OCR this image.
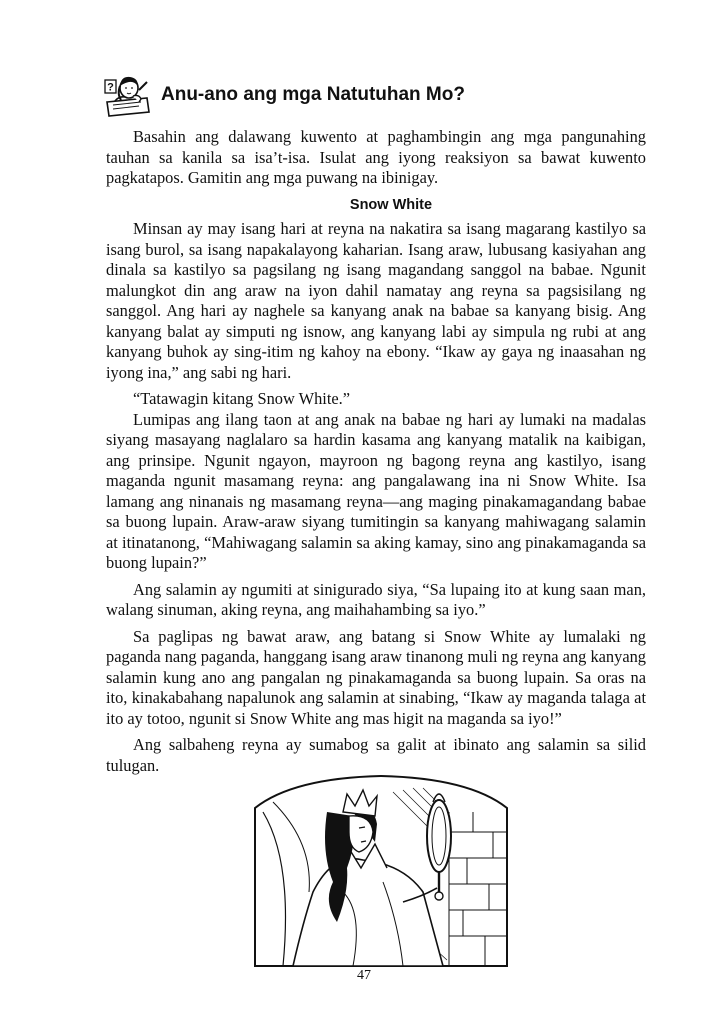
? Anu-ano ang mga Natutuhan Mo?

Basahin ang dalawang kuwento at paghambingin ang mga pangunahing tauhan sa kanila sa isa’t-isa. Isulat ang iyong reaksiyon sa bawat kuwento pagkatapos. Gamitin ang mga puwang na ibinigay.

Snow White

Minsan ay may isang hari at reyna na nakatira sa isang magarang kastilyo sa isang burol, sa isang napakalayong kaharian. Isang araw, lubusang kasiyahan ang dinala sa kastilyo sa pagsilang ng isang magandang sanggol na babae. Ngunit malungkot din ang araw na iyon dahil namatay ang reyna sa pagsisilang ng sanggol. Ang hari ay naghele sa kanyang anak na babae sa kanyang bisig. Ang kanyang balat ay simputi ng isnow, ang kanyang labi ay simpula ng rubi at ang kanyang buhok ay sing-itim ng kahoy na ebony. “Ikaw ay gaya ng inaasahan ng iyong ina,” ang sabi ng hari.

“Tatawagin kitang Snow White.”

Lumipas ang ilang taon at ang anak na babae ng hari ay lumaki na madalas siyang masayang naglalaro sa hardin kasama ang kanyang matalik na kaibigan, ang prinsipe. Ngunit ngayon, mayroon ng bagong reyna ang kastilyo, isang maganda ngunit masamang reyna: ang pangalawang ina ni Snow White. Isa lamang ang ninanais ng masamang reyna—ang maging pinakamagandang babae sa buong lupain. Araw-araw siyang tumitingin sa kanyang mahiwagang salamin at itinatanong, “Mahiwagang salamin sa aking kamay, sino ang pinakamaganda sa buong lupain?”

Ang salamin ay ngumiti at sinigurado siya, “Sa lupaing ito at kung saan man, walang sinuman, aking reyna, ang maihahambing sa iyo.”

Sa paglipas ng bawat araw, ang batang si Snow White ay lumalaki ng paganda nang paganda, hanggang isang araw tinanong muli ng reyna ang kanyang salamin kung ano ang pangalan ng pinakamaganda sa buong lupain. Sa oras na ito, kinakabahang napalunok ang salamin at sinabing, “Ikaw ay maganda talaga at ito ay totoo, ngunit si Snow White ang mas higit na maganda sa iyo!”

Ang salbaheng reyna ay sumabog sa galit at ibinato ang salamin sa silid tulugan.

47
